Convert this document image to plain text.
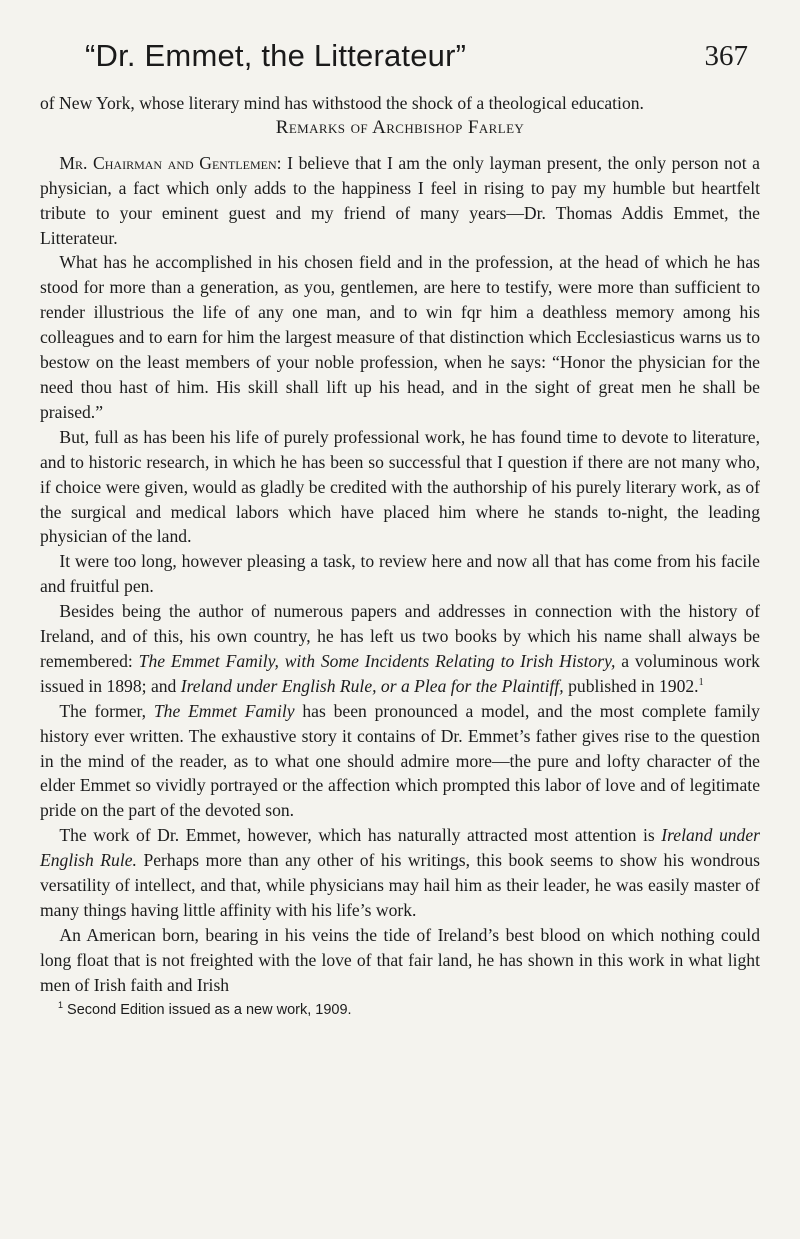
“Dr. Emmet, the Litterateur”	367

of New York, whose literary mind has withstood the shock of a theological education.

Remarks of Archbishop Farley

Mr. Chairman and Gentlemen: I believe that I am the only layman present, the only person not a physician, a fact which only adds to the happiness I feel in rising to pay my humble but heartfelt tribute to your eminent guest and my friend of many years—Dr. Thomas Addis Emmet, the Litterateur.

What has he accomplished in his chosen field and in the profession, at the head of which he has stood for more than a generation, as you, gentlemen, are here to testify, were more than sufficient to render illustrious the life of any one man, and to win fqr him a deathless memory among his colleagues and to earn for him the largest measure of that distinction which Ecclesiasticus warns us to bestow on the least members of your noble profession, when he says: “Honor the physician for the need thou hast of him. His skill shall lift up his head, and in the sight of great men he shall be praised.”

But, full as has been his life of purely professional work, he has found time to devote to literature, and to historic research, in which he has been so successful that I question if there are not many who, if choice were given, would as gladly be credited with the authorship of his purely literary work, as of the surgical and medical labors which have placed him where he stands to-night, the leading physician of the land.

It were too long, however pleasing a task, to review here and now all that has come from his facile and fruitful pen.

Besides being the author of numerous papers and addresses in connection with the history of Ireland, and of this, his own country, he has left us two books by which his name shall always be remembered: The Emmet Family, with Some Incidents Relating to Irish History, a voluminous work issued in 1898; and Ireland under English Rule, or a Plea for the Plaintiff, published in 1902.$^1$

The former, The Emmet Family has been pronounced a model, and the most complete family history ever written. The exhaustive story it contains of Dr. Emmet’s father gives rise to the question in the mind of the reader, as to what one should admire more—the pure and lofty character of the elder Emmet so vividly portrayed or the affection which prompted this labor of love and of legitimate pride on the part of the devoted son.

The work of Dr. Emmet, however, which has naturally attracted most attention is Ireland under English Rule. Perhaps more than any other of his writings, this book seems to show his wondrous versatility of intellect, and that, while physicians may hail him as their leader, he was easily master of many things having little affinity with his life’s work.

An American born, bearing in his veins the tide of Ireland’s best blood on which nothing could long float that is not freighted with the love of that fair land, he has shown in this work in what light men of Irish faith and Irish

$^1$ Second Edition issued as a new work, 1909.
